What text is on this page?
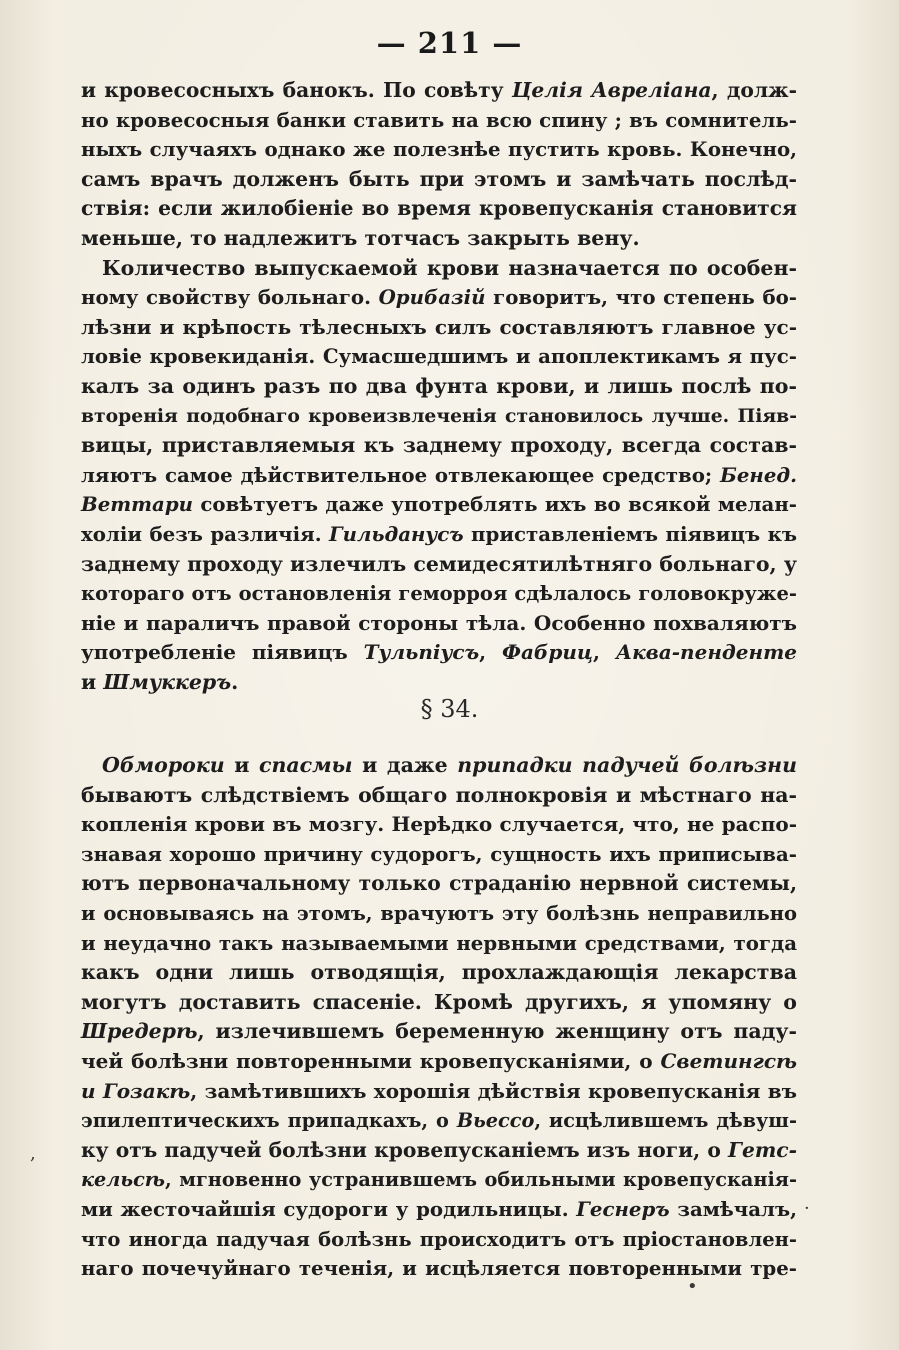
— 211 —
и кровесосныхъ банокъ. По совѣту Целія Авреліана, долж-
но кровесосныя банки ставить на всю спину ; въ сомнитель-
ныхъ случаяхъ однако же полезнѣе пустить кровь. Конечно,
самъ врачъ долженъ быть при этомъ и замѣчать послѣд-
ствія: если жилобіеніе во время кровепусканія становится
меньше, то надлежитъ тотчасъ закрыть вену.
Количество выпускаемой крови назначается по особен-
ному свойству больнаго. Орибазій говоритъ, что степень бо-
лѣзни и крѣпость тѣлесныхъ силъ составляютъ главное ус-
ловіе кровекиданія. Сумасшедшимъ и апоплектикамъ я пус-
калъ за одинъ разъ по два фунта крови, и лишь послѣ по-
вторенія подобнаго кровеизвлеченія становилось лучше. Піяв-
вицы, приставляемыя къ заднему проходу, всегда состав-
ляютъ самое дѣйствительное отвлекающее средство; Бенед.
Веттари совѣтуетъ даже употреблять ихъ во всякой мелан-
холіи безъ различія. Гильданусъ приставленіемъ піявицъ къ
заднему проходу излечилъ семидесятилѣтняго больнаго, у
котораго отъ остановленія геморроя сдѣлалось головокруже-
ніе и параличъ правой стороны тѣла. Особенно похваляютъ
употребленіе піявицъ Тульпіусъ, Фабриц, Аква-пенденте
и Шмуккеръ.
§ 34.
Обмороки и спасмы и даже припадки падучей болѣзни
бываютъ слѣдствіемъ общаго полнокровія и мѣстнаго на-
копленія крови въ мозгу. Нерѣдко случается, что, не распо-
знавая хорошо причину судорогъ, сущность ихъ приписыва-
ютъ первоначальному только страданію нервной системы,
и основываясь на этомъ, врачуютъ эту болѣзнь неправильно
и неудачно такъ называемыми нервными средствами, тогда
какъ одни лишь отводящія, прохлаждающія лекарства
могутъ доставить спасеніе. Кромѣ другихъ, я упомяну о
Шредерѣ, излечившемъ беременную женщину отъ паду-
чей болѣзни повторенными кровепусканіями, о Светингсѣ
и Гозакѣ, замѣтившихъ хорошія дѣйствія кровепусканія въ
эпилептическихъ припадкахъ, о Вьессо, исцѣлившемъ дѣвуш-
ку отъ падучей болѣзни кровепусканіемъ изъ ноги, о Гетс-
кельсѣ, мгновенно устранившемъ обильными кровепусканія-
ми жесточайшія судороги у родильницы. Геснеръ замѣчалъ,
что иногда падучая болѣзнь происходитъ отъ пріостановлен-
наго почечуйнаго теченія, и исцѣляется повторенными тре-
,
·
•
